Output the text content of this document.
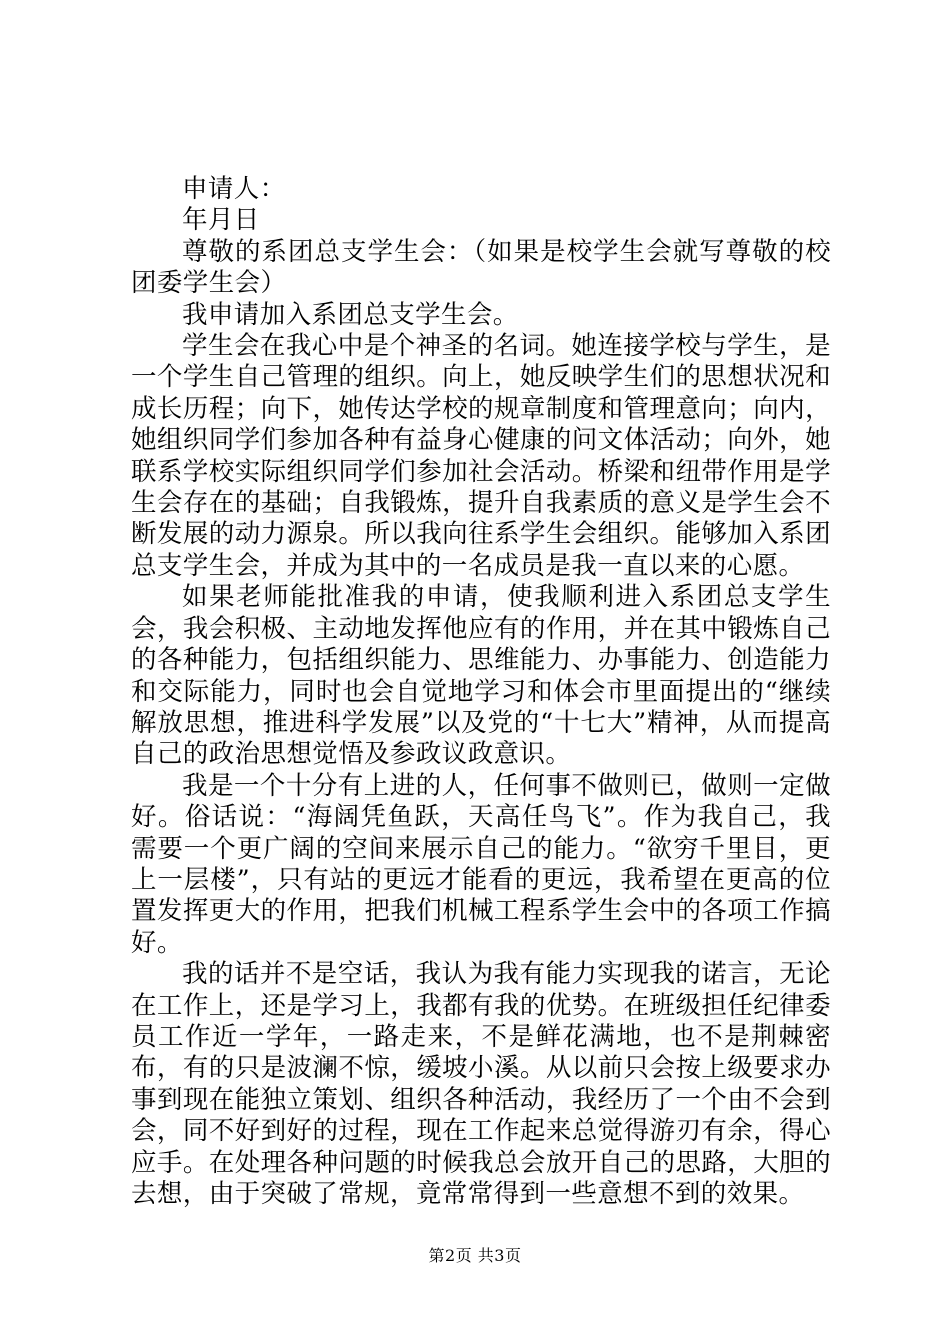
申请人：

年月日

尊敬的系团总支学生会：（如果是校学生会就写尊敬的校团委学生会）

我申请加入系团总支学生会。

学生会在我心中是个神圣的名词。她连接学校与学生，是一个学生自己管理的组织。向上，她反映学生们的思想状况和成长历程；向下，她传达学校的规章制度和管理意向；向内，她组织同学们参加各种有益身心健康的问文体活动；向外，她联系学校实际组织同学们参加社会活动。桥梁和纽带作用是学生会存在的基础；自我锻炼，提升自我素质的意义是学生会不断发展的动力源泉。所以我向往系学生会组织。能够加入系团总支学生会，并成为其中的一名成员是我一直以来的心愿。

如果老师能批准我的申请，使我顺利进入系团总支学生会，我会积极、主动地发挥他应有的作用，并在其中锻炼自己的各种能力，包括组织能力、思维能力、办事能力、创造能力和交际能力，同时也会自觉地学习和体会市里面提出的“继续解放思想，推进科学发展”以及党的“十七大”精神，从而提高自己的政治思想觉悟及参政议政意识。

我是一个十分有上进的人，任何事不做则已，做则一定做好。俗话说：“海阔凭鱼跃，天高任鸟飞”。作为我自己，我需要一个更广阔的空间来展示自己的能力。“欲穷千里目，更上一层楼”，只有站的更远才能看的更远，我希望在更高的位置发挥更大的作用，把我们机械工程系学生会中的各项工作搞好。

我的话并不是空话，我认为我有能力实现我的诺言，无论在工作上，还是学习上，我都有我的优势。在班级担任纪律委员工作近一学年，一路走来，不是鲜花满地，也不是荆棘密布，有的只是波澜不惊，缓坡小溪。从以前只会按上级要求办事到现在能独立策划、组织各种活动，我经历了一个由不会到会，同不好到好的过程，现在工作起来总觉得游刃有余，得心应手。在处理各种问题的时候我总会放开自己的思路，大胆的去想，由于突破了常规，竟常常得到一些意想不到的效果。

第2页 共3页
